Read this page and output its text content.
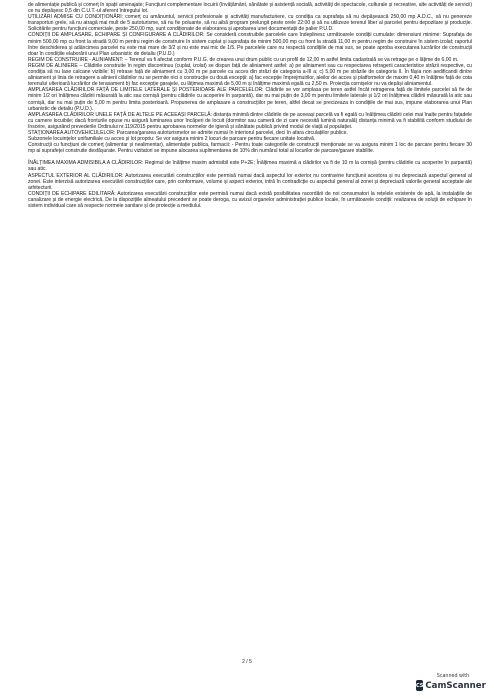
de alimentație publică și comerț în spații amenajate; Funcțiuni complementare locuirii (învățământ, sănătate și asistență socială, activități de spectacole, culturale și recreative, alte activități de servicii) ce nu depășesc 0,5 din C.U.T.-ul aferent întregului lot.

UTILIZĂRI ADMISE CU CONDIȚIONĂRI: comerț cu amănuntul, servicii profesionale și activități manufacturiere, cu condiția ca suprafața să nu depășească 250,00 mp A.D.C., să nu genereze transporturi grele, să nu atragă mai mult de 5 autoturisme, să nu fie poluante, să nu aibă program prelungit peste orele 22:00 și să nu utilizeze terenul liber al parcelei pentru depozitare și producție. Solicitările pentru funcțiuni comerciale, peste 250,00 mp, sunt condiționate de elaborarea și aprobarea unei documentații de palier P.U.D.

CONDIȚII DE AMPLASARE, ECHIPARE ȘI CONFIGURARE A CLĂDIRILOR: Se consideră construibile parcelele care îndeplinesc următoarele condiții cumulate: dimensiuni minime: Suprafața de minim 500,00 mp cu front la stradă 9,00 m pentru regim de construire în sistem cuplat și suprafața de minim 500,00 mp cu front la stradă 11,00 m pentru regim de construire în sistem izolat; raportul între deschiderea și adâncimea parcelei nu este mai mare de 3/2 și nu este mai mic de 1/5. Pe parcelele care nu respectă condițiile de mai sus, se poate aproba executarea lucrărilor de construcții doar în condițiile elaborării unui Plan urbanistic de detaliu (P.U.D.)

REGIM DE CONSTRUIRE - ALINIAMENT: – Terenul va fi afectat conform P.U.G. de crearea unui drum public cu un profil de 12,00 m astfel limita cadastrală se va retrage pe o lățime de 6,00 m.

REGIM DE ALINIERE – Clădirile construite în regim discontinuu (cuplat, izolat) se dispun față de aliniament astfel: a) pe aliniament sau cu respectarea retragerii caracteristice străzii respective, cu condiția să nu lase calcane vizibile; b) retrase față de aliniament cu 3,00 m pe parcele cu acces din străzi de categoria a-III a; c) 5,00 m pe străzile de categoria II. În fâșia non aedificandi dintre aliniament și linia de retragere a alinierii clădirilor nu se permite nici o construcție cu două excepții: a) fac excepție împrejmuirilor, aleilor de acces și platformelor de maxim 0,40 m înălțime față de cota terenului ulterioară lucrărilor de terasament b) fac excepție garajele, cu lățimea maximă de 5,00 m și înălțime maximă egală cu 2,50 m. Proiecția cornișelor nu va depăși aliniamentul.

AMPLASAREA CLĂDIRILOR FAȚĂ DE LIMITELE LATERALE ȘI POSTERIOARE ALE PARCELELOR: Clădirile se vor amplasa pe teren astfel încât retragerea față de limitele parcelei să fie de minim 1/2 ori înălțimea clădirii măsurată la atic sau cornișă (pentru clădirile cu acoperire în șarpantă), dar nu mai puțin de 3,00 m pentru limitele laterale și 1/2 ori înălțimea clădirii măsurată la atic sau cornișă, dar nu mai puțin de 5,00 m pentru limita posterioară. Propunerea de amplasare a construcțiilor pe teren, altfel decat se precizeaza in condițiile de mai sus, impune elaborarea unui Plan urbanistic de detaliu (P.U.D.).

AMPLASAREA CLĂDIRILOR UNELE FAȚĂ DE ALTELE PE ACEEAȘI PARCELĂ: distanța minimă dintre clădirile de pe aceeași parcelă va fi egală cu înălțimea clădirii celei mai înalte pentru fațadele cu camere locuibile; dacă fronturile opuse nu asigură luminarea unor încăperi de locuit (dormitor sau cameră de zi care necesită lumină naturală) distanța minimă va fi stabilită conform studiului de însorire, asigurând prevederile Ordinului nr.119/2015 pentru aprobarea normelor de igienă și sănătate publică privind modul de viață al populației.

STAȚIONAREA AUTOVEHICULELOR: Parcarea/gararea autoturismelor se admite numai în interiorul parcelei, deci în afara circulațiilor publice.

Subzonele locuințelor unifamiliale cu acces și lot propriu: Se vor asigura minim 2 locuri de parcare pentru fiecare unitate locativă.

Construcții cu funcțiuni de comerț (alimentar și nealimentar), alimentație publica, farmacii: - Pentru toate categoriile de construcții menționate se va asigura minim 1 loc de parcare pentru fiecare 30 mp ai suprafeței construite desfășurate. Pentru vizitatori se impune alocarea suplimentarea de 10% din numărul total al locurilor de parcare/garare stabilite.

ÎNĂLȚIMEA MAXIMA ADMISIBILA A CLĂDIRILOR: Regimul de înălțime maxim admisibil este P+2E; Înălțimea maximă a clădirilor va fi de 10 m la cornișă (pentru clădirile cu acoperire în șarpantă) sau atic.

ASPECTUL EXTERIOR AL CLĂDIRILOR: Autorizarea executării construcțiilor este permisă numai dacă aspectul lor exterior nu contravine funcțiunii acestora și nu depreciază aspectul general al zonei. Este interzisă autorizarea executării construcțiilor care, prin conformare, volume și aspect exterior, intră în contradicție cu aspectul general al zonei și depreciază valorile general acceptate ale arhitecturii.

CONDIȚII DE ECHIPARE EDILITARĂ: Autorizarea executării construcțiilor este permisă numai dacă există posibilitatea racordării de noi consumatori la rețelele existente de apă, la instalațiile de canalizare și de energie electrică. De la dispozițiile alineatului precedent se poate deroga, cu avizul organelor administrației publice locale, în următoarele condiții: realizarea de soluții de echipare în sistem individual care să respecte normele sanitare și de protecție a mediului.

2 / 5
Scanned with
CS CamScanner
